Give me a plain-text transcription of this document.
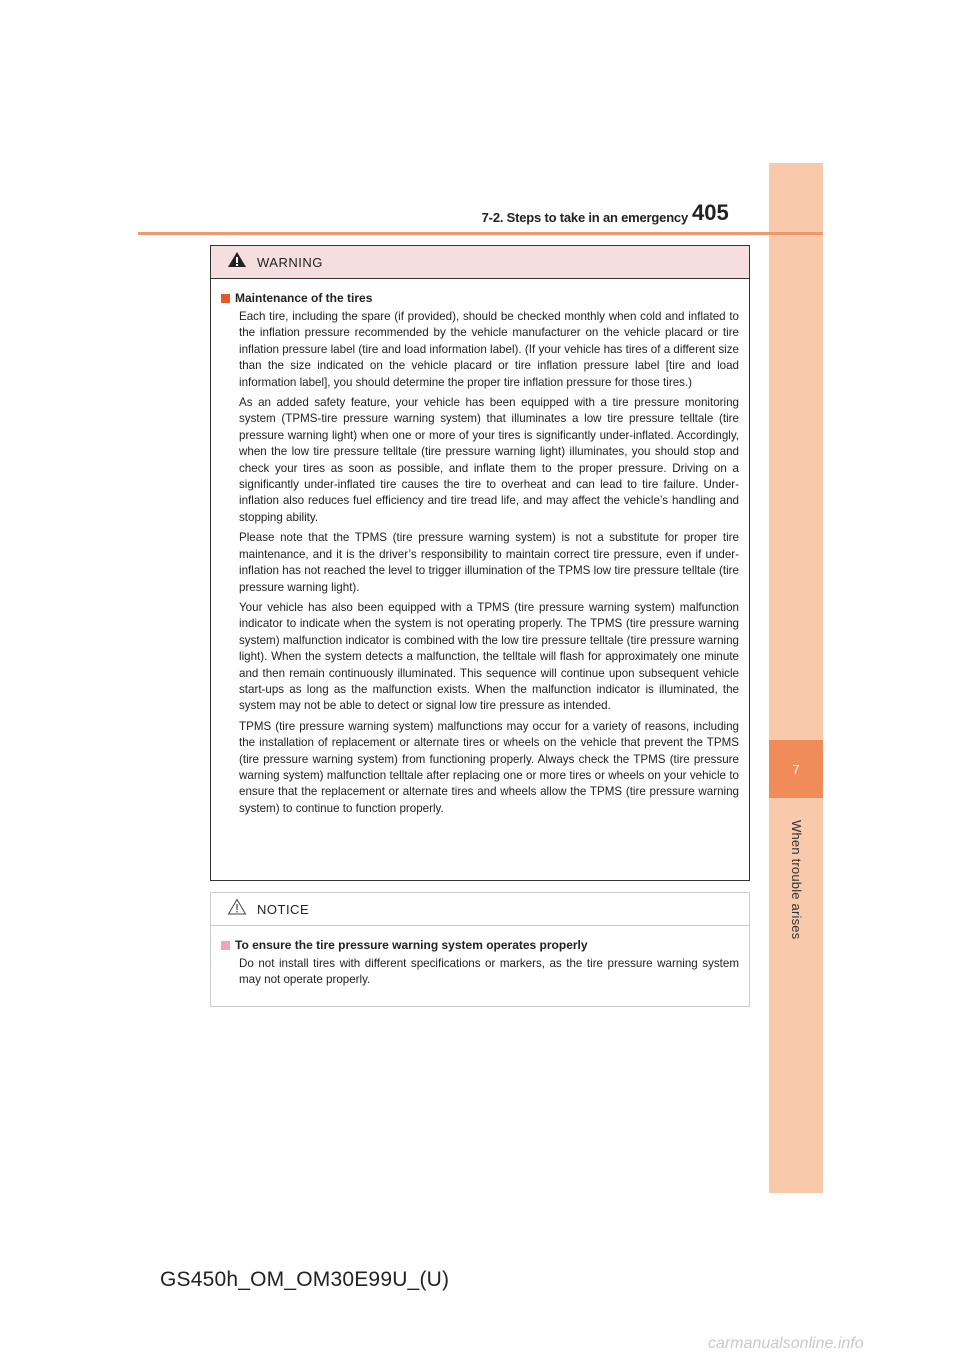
7
When trouble arises
7-2. Steps to take in an emergency 405
WARNING
Maintenance of the tires

Each tire, including the spare (if provided), should be checked monthly when cold and inflated to the inflation pressure recommended by the vehicle manufacturer on the vehicle placard or tire inflation pressure label (tire and load information label). (If your vehicle has tires of a different size than the size indicated on the vehicle placard or tire inflation pressure label [tire and load information label], you should determine the proper tire inflation pressure for those tires.)

As an added safety feature, your vehicle has been equipped with a tire pressure monitoring system (TPMS-tire pressure warning system) that illuminates a low tire pressure telltale (tire pressure warning light) when one or more of your tires is significantly under-inflated. Accordingly, when the low tire pressure telltale (tire pressure warning light) illuminates, you should stop and check your tires as soon as possible, and inflate them to the proper pressure. Driving on a significantly under-inflated tire causes the tire to overheat and can lead to tire failure. Under-inflation also reduces fuel efficiency and tire tread life, and may affect the vehicle’s handling and stopping ability.

Please note that the TPMS (tire pressure warning system) is not a substitute for proper tire maintenance, and it is the driver’s responsibility to maintain correct tire pressure, even if under-inflation has not reached the level to trigger illumination of the TPMS low tire pressure telltale (tire pressure warning light).

Your vehicle has also been equipped with a TPMS (tire pressure warning system) malfunction indicator to indicate when the system is not operating properly. The TPMS (tire pressure warning system) malfunction indicator is combined with the low tire pressure telltale (tire pressure warning light). When the system detects a malfunction, the telltale will flash for approximately one minute and then remain continuously illuminated. This sequence will continue upon subsequent vehicle start-ups as long as the malfunction exists. When the malfunction indicator is illuminated, the system may not be able to detect or signal low tire pressure as intended.

TPMS (tire pressure warning system) malfunctions may occur for a variety of reasons, including the installation of replacement or alternate tires or wheels on the vehicle that prevent the TPMS (tire pressure warning system) from functioning properly. Always check the TPMS (tire pressure warning system) malfunction telltale after replacing one or more tires or wheels on your vehicle to ensure that the replacement or alternate tires and wheels allow the TPMS (tire pressure warning system) to continue to function properly.

NOTICE
To ensure the tire pressure warning system operates properly

Do not install tires with different specifications or markers, as the tire pressure warning system may not operate properly.

GS450h_OM_OM30E99U_(U)
carmanualsonline.info
